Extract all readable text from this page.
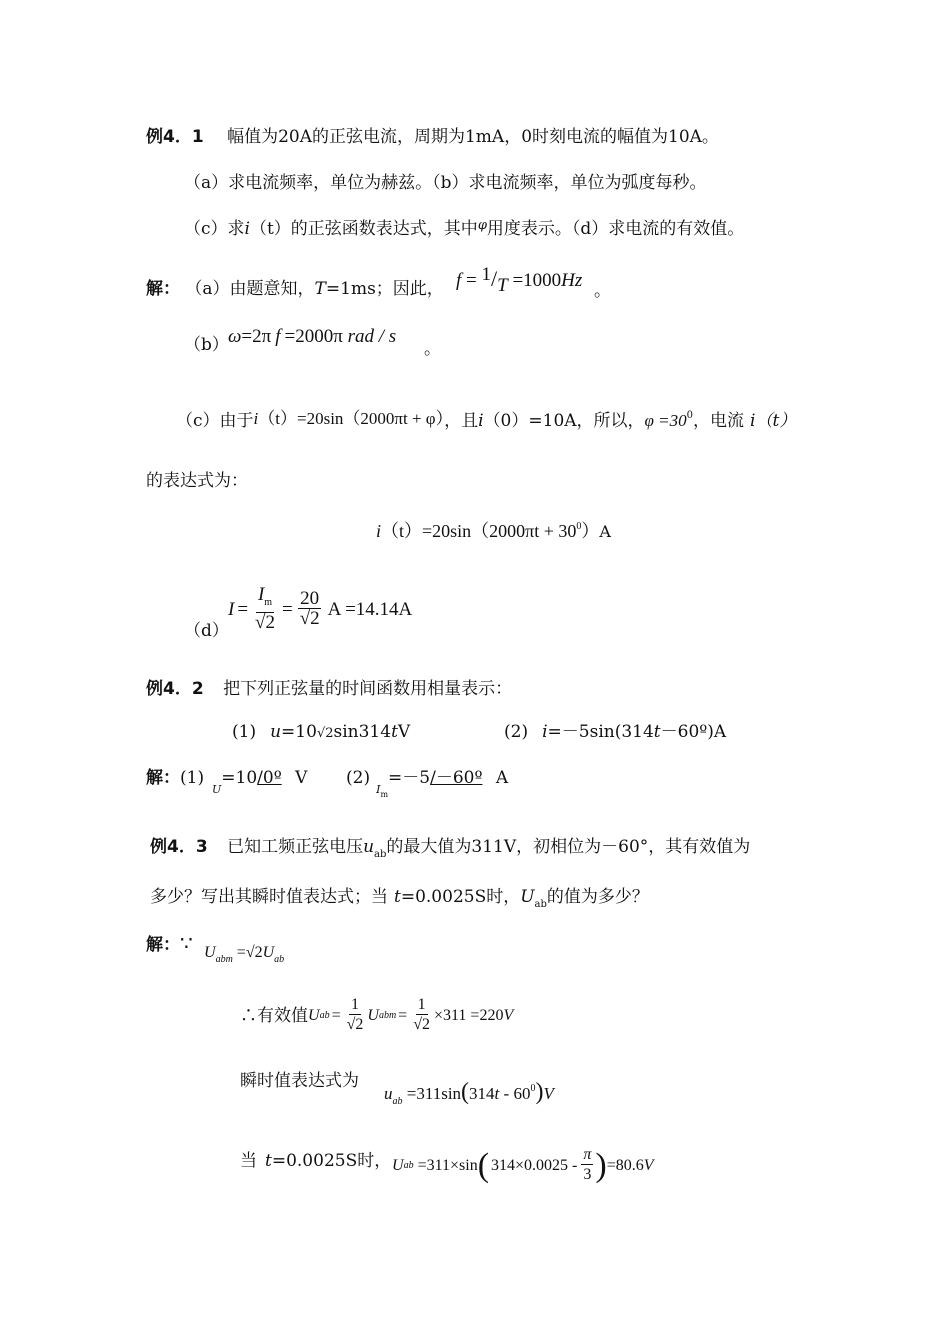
例4．1 幅值为20A的正弦电流，周期为1mA，0时刻电流的幅值为10A。
（a）求电流频率，单位为赫兹。（b）求电流频率，单位为弧度每秒。
（c）求i（t）的正弦函数表达式，其中$^\varphi$用度表示。（d）求电流的有效值。
解： （a）由题意知，T=1ms；因此， f = 1/T =1000Hz 。
（b） ω=2π f =2000π rad / s
。
（c）由于i（t）=20sin（2000πt + φ），且i（0）=10A，所以，$\varphi =30^0$，电流 i（t）
的表达式为：
$i(t)=20\sin(2000\pi t + 30^0)A$
（d）
$I = \frac{I_m}{√2} = \frac{20}{√2}$ A =14.14A
例4．2 把下列正弦量的时间函数用相量表示：
(1) u=10√2sin314tV	(2) i=－5sin(314t－60º)A
解：(1)
$_U$=10/0º V $(2)_{Im}=-5/-60º$ A
例4．3 已知工频正弦电压$u_{ab}$的最大值为311V，初相位为－60°，其有效值为
多少？写出其瞬时值表达式；当 t=0.0025S时，$U_{ab}$的值为多少？
解：∵ $U_{abm} =√2U_{ab}$
∴有效值 U ab = $\frac{1}{√2}$ U abm = $\frac{1}{√2} \times 311 =220$ V
瞬时值表达式为
$u_{ab} =311\sin(314t - 60^0)V$
当 t=0.0025S时， U ab =311×sin ( $314\times 0.0025 - \frac{\pi}{3}$ ) =80.6 V
